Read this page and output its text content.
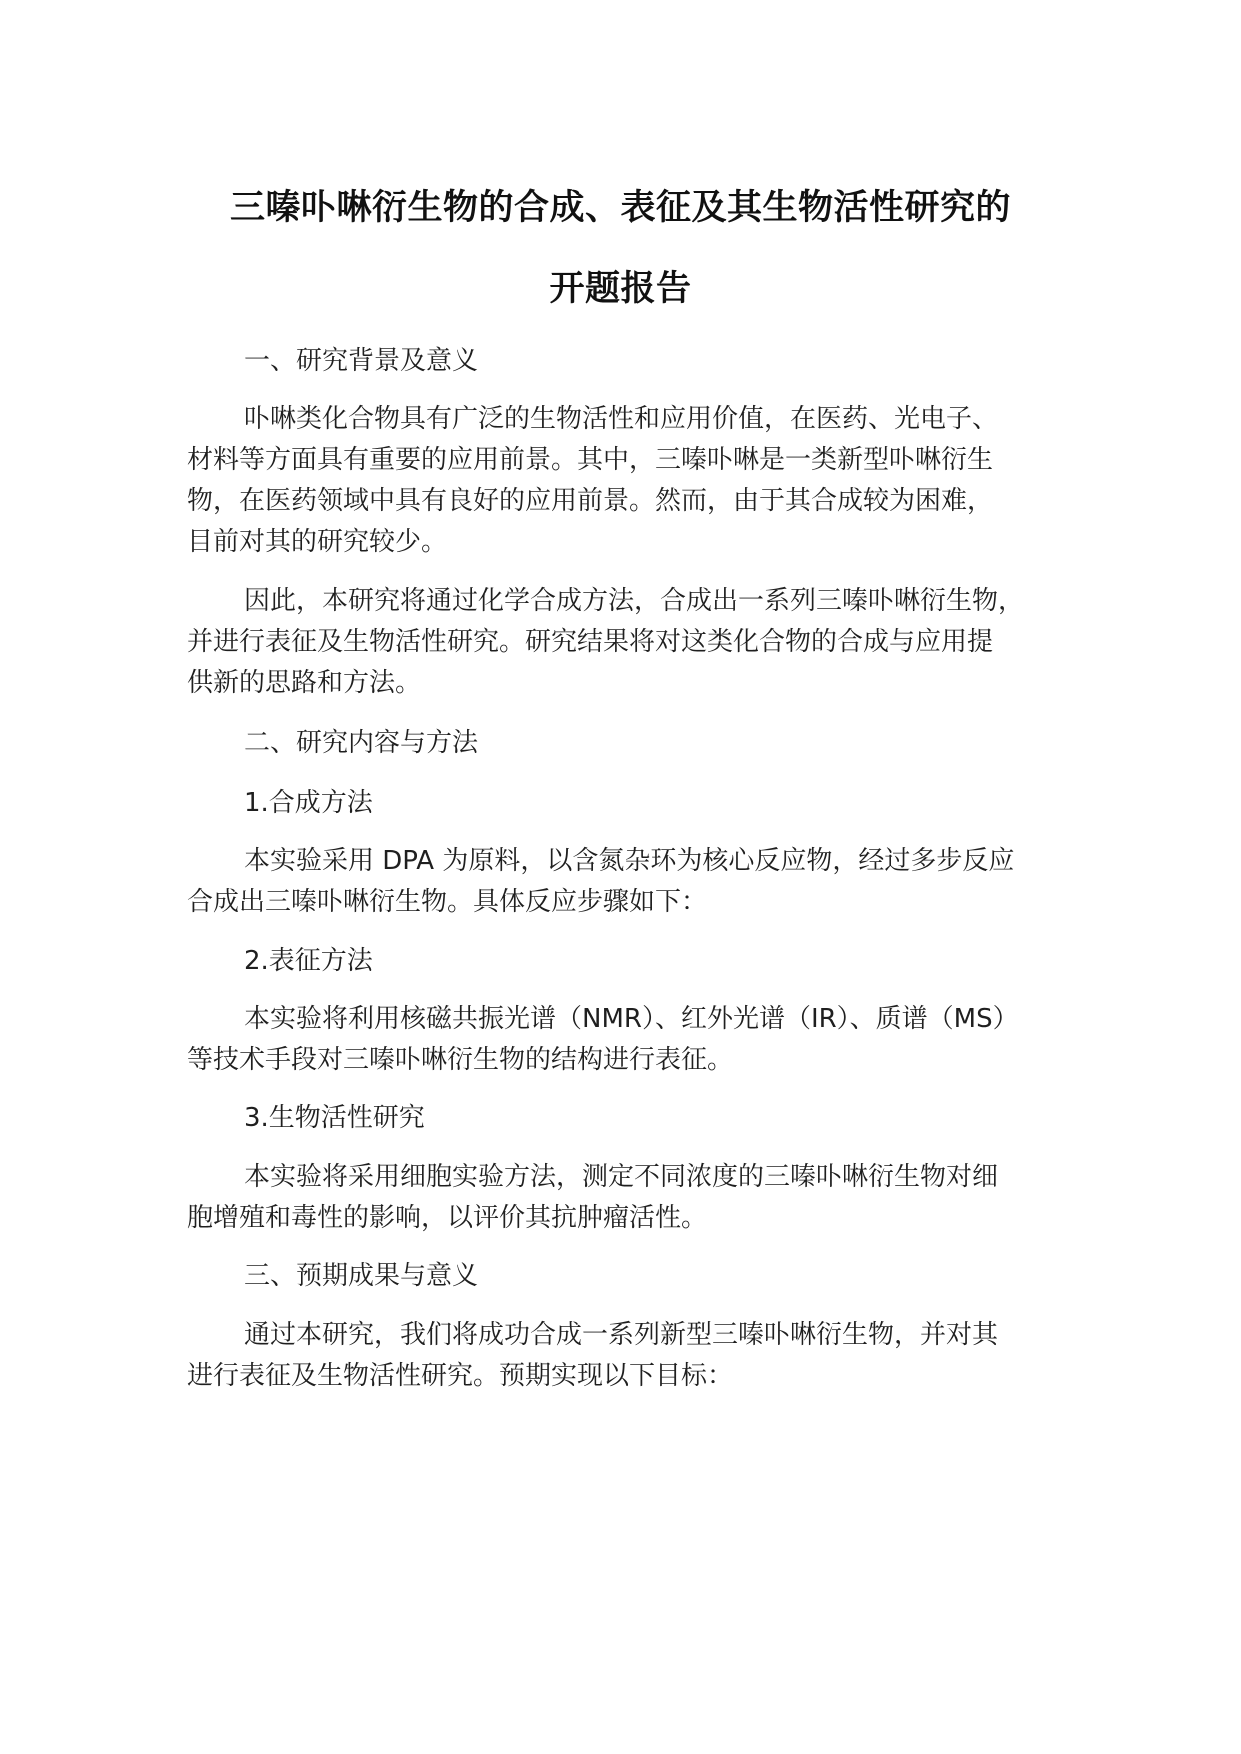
三嗪卟啉衍生物的合成、表征及其生物活性研究的
开题报告
一、研究背景及意义
卟啉类化合物具有广泛的生物活性和应用价值，在医药、光电子、
材料等方面具有重要的应用前景。其中，三嗪卟啉是一类新型卟啉衍生
物，在医药领域中具有良好的应用前景。然而，由于其合成较为困难，
目前对其的研究较少。
因此，本研究将通过化学合成方法，合成出一系列三嗪卟啉衍生物，
并进行表征及生物活性研究。研究结果将对这类化合物的合成与应用提
供新的思路和方法。
二、研究内容与方法
1.合成方法
本实验采用 DPA 为原料，以含氮杂环为核心反应物，经过多步反应
合成出三嗪卟啉衍生物。具体反应步骤如下：
2.表征方法
本实验将利用核磁共振光谱（NMR）、红外光谱（IR）、质谱（MS）
等技术手段对三嗪卟啉衍生物的结构进行表征。
3.生物活性研究
本实验将采用细胞实验方法，测定不同浓度的三嗪卟啉衍生物对细
胞增殖和毒性的影响，以评价其抗肿瘤活性。
三、预期成果与意义
通过本研究，我们将成功合成一系列新型三嗪卟啉衍生物，并对其
进行表征及生物活性研究。预期实现以下目标：
